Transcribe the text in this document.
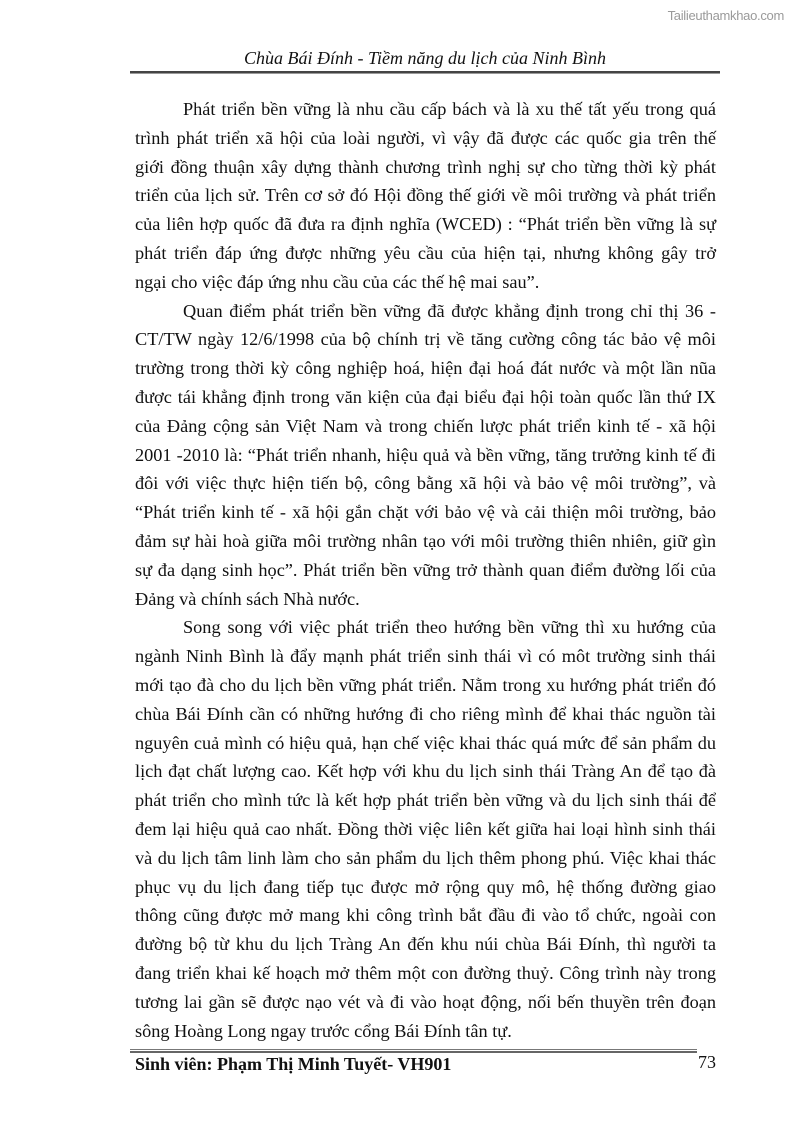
Tailieuthamkhao.com
Chùa Bái Đính - Tiềm năng du lịch của Ninh Bình
Phát triển bền vững là nhu cầu cấp bách và là xu thế tất yếu trong quá
trình phát triển xã hội của loài người, vì vậy đã được các quốc gia trên thế
giới đồng thuận xây dựng thành chương trình nghị sự cho từng thời kỳ phát
triển của lịch sử. Trên cơ sở đó Hội đồng thế giới về môi trường và phát triển
của liên hợp quốc đã đưa ra định nghĩa (WCED) : “Phát triển bền vững là sự
phát triển đáp ứng được những yêu cầu của hiện tại, nhưng không gây trở
ngại cho việc đáp ứng nhu cầu của các thế hệ mai sau”.
Quan điểm phát triển bền vững đã được khẳng định trong chỉ thị 36 -
CT/TW ngày 12/6/1998 của bộ chính trị về tăng cường công tác bảo vệ môi
trường trong thời kỳ công nghiệp hoá, hiện đại hoá đát nước và một lần nũa
được tái khẳng định trong văn kiện của đại biểu đại hội toàn quốc lần thứ IX
của Đảng cộng sản Việt Nam và trong chiến lược phát triển kinh tế - xã hội
2001 -2010 là: “Phát triển nhanh, hiệu quả và bền vững, tăng trưởng kinh tế đi
đôi với việc thực hiện tiến bộ, công bằng xã hội và bảo vệ môi trường”, và
“Phát triển kinh tế - xã hội gắn chặt với bảo vệ và cải thiện môi trường, bảo
đảm sự hài hoà giữa môi trường nhân tạo với môi trường thiên nhiên, giữ gìn
sự đa dạng sinh học”. Phát triển bền vững trở thành quan điểm đường lối của
Đảng và chính sách Nhà nước.
Song song với việc phát triển theo hướng bền vững thì xu hướng của
ngành Ninh Bình là đẩy mạnh phát triển sinh thái vì có môt trường sinh thái
mới tạo đà cho du lịch bền vững phát triển. Nằm trong xu hướng phát triển đó
chùa Bái Đính cần có những hướng đi cho riêng mình để khai thác nguồn tài
nguyên cuả mình có hiệu quả, hạn chế việc khai thác quá mức để sản phẩm du
lịch đạt chất lượng cao. Kết hợp với khu du lịch sinh thái Tràng An để tạo đà
phát triển cho mình tức là kết hợp phát triển bèn vững và du lịch sinh thái để
đem lại hiệu quả cao nhất. Đồng thời việc liên kết giữa hai loại hình sinh thái
và du lịch tâm linh làm cho sản phẩm du lịch thêm phong phú. Việc khai thác
phục vụ du lịch đang tiếp tục được mở rộng quy mô, hệ thống đường giao
thông cũng được mở mang khi công trình bắt đầu đi vào tổ chức, ngoài con
đường bộ từ khu du lịch Tràng An đến khu núi chùa Bái Đính, thì người ta
đang triển khai kế hoạch mở thêm một con đường thuỷ. Công trình này trong
tương lai gần sẽ được nạo vét và đi vào hoạt động, nối bến thuyền trên đoạn
sông Hoàng Long ngay trước cổng Bái Đính tân tự.
Sinh viên: Phạm Thị Minh Tuyết- VH901	73
